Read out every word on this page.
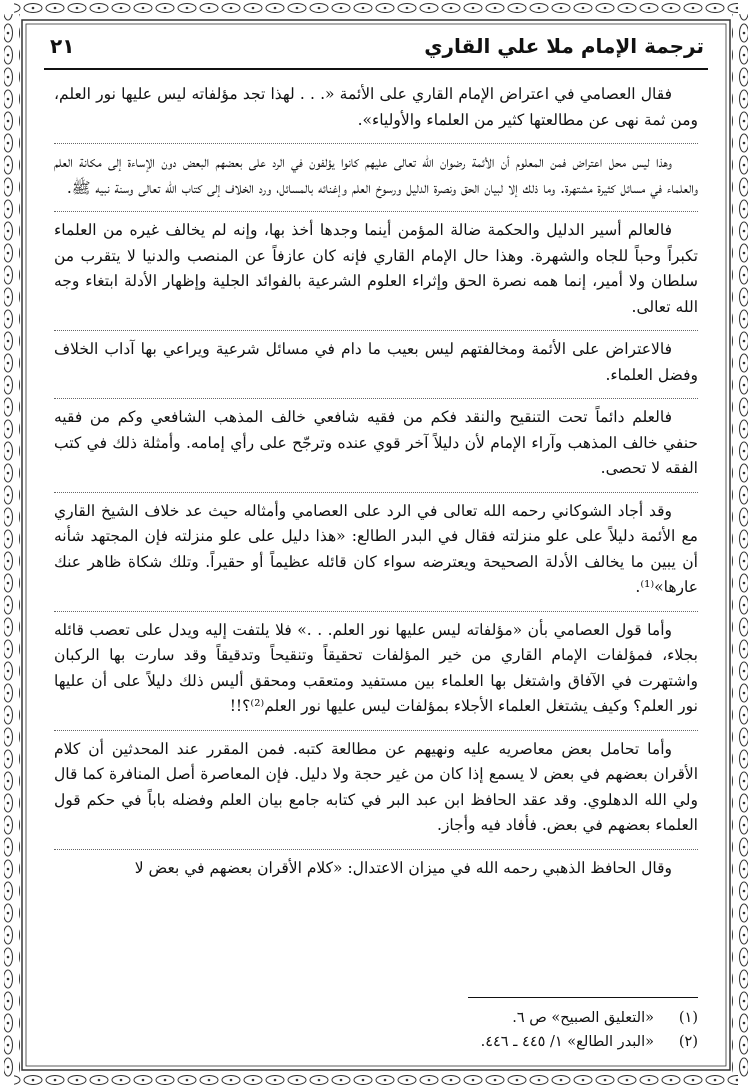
ترجمة الإمام ملا علي القاري
٢١

فقال العصامي في اعتراض الإمام القاري على الأئمة «. . . لهذا تجد مؤلفاته ليس عليها نور العلم، ومن ثمة نهى عن مطالعتها كثير من العلماء والأولياء».

وهذا ليس محل اعتراض فمن المعلوم أن الأئمة رضوان الله تعالى عليهم كانوا يؤلفون في الرد على بعضهم البعض دون الإساءة إلى مكانة العلم والعلماء في مسائل كثيرة مشتهرة. وما ذلك إلا لبيان الحق ونصرة الدليل ورسوخ العلم وإغنائه بالمسائل، ورد الخلاف إلى كتاب الله تعالى وسنة نبيه ﷺ.

فالعالم أسير الدليل والحكمة ضالة المؤمن أينما وجدها أخذ بها، وإنه لم يخالف غيره من العلماء تكبراً وحباً للجاه والشهرة. وهذا حال الإمام القاري فإنه كان عازفاً عن المنصب والدنيا لا يتقرب من سلطان ولا أمير، إنما همه نصرة الحق وإثراء العلوم الشرعية بالفوائد الجلية وإظهار الأدلة ابتغاء وجه الله تعالى.

فالاعتراض على الأئمة ومخالفتهم ليس بعيب ما دام في مسائل شرعية ويراعي بها آداب الخلاف وفضل العلماء.

فالعلم دائماً تحت التنقيح والنقد فكم من فقيه شافعي خالف المذهب الشافعي وكم من فقيه حنفي خالف المذهب وآراء الإمام لأن دليلاً آخر قوي عنده وترجّح على رأي إمامه. وأمثلة ذلك في كتب الفقه لا تحصى.

وقد أجاد الشوكاني رحمه الله تعالى في الرد على العصامي وأمثاله حيث عد خلاف الشيخ القاري مع الأئمة دليلاً على علو منزلته فقال في البدر الطالع: «هذا دليل على علو منزلته فإن المجتهد شأنه أن يبين ما يخالف الأدلة الصحيحة ويعترضه سواء كان قائله عظيماً أو حقيراً. وتلك شكاة ظاهر عنك عارها»⁽¹⁾.

وأما قول العصامي بأن «مؤلفاته ليس عليها نور العلم. . .» فلا يلتفت إليه ويدل على تعصب قائله بجلاء، فمؤلفات الإمام القاري من خير المؤلفات تحقيقاً وتنقيحاً وتدقيقاً وقد سارت بها الركبان واشتهرت في الآفاق واشتغل بها العلماء بين مستفيد ومتعقب ومحقق أليس ذلك دليلاً على أن عليها نور العلم؟ وكيف يشتغل العلماء الأجلاء بمؤلفات ليس عليها نور العلم⁽²⁾؟!!

وأما تحامل بعض معاصريه عليه ونهيهم عن مطالعة كتبه. فمن المقرر عند المحدثين أن كلام الأقران بعضهم في بعض لا يسمع إذا كان من غير حجة ولا دليل. فإن المعاصرة أصل المنافرة كما قال ولي الله الدهلوي. وقد عقد الحافظ ابن عبد البر في كتابه جامع بيان العلم وفضله باباً في حكم قول العلماء بعضهم في بعض. فأفاد فيه وأجاز.

وقال الحافظ الذهبي رحمه الله في ميزان الاعتدال: «كلام الأقران بعضهم في بعض لا

(١)
«التعليق الصبيح» ص ٦.
(٢)
«البدر الطالع» ١/ ٤٤٥ ـ ٤٤٦.
